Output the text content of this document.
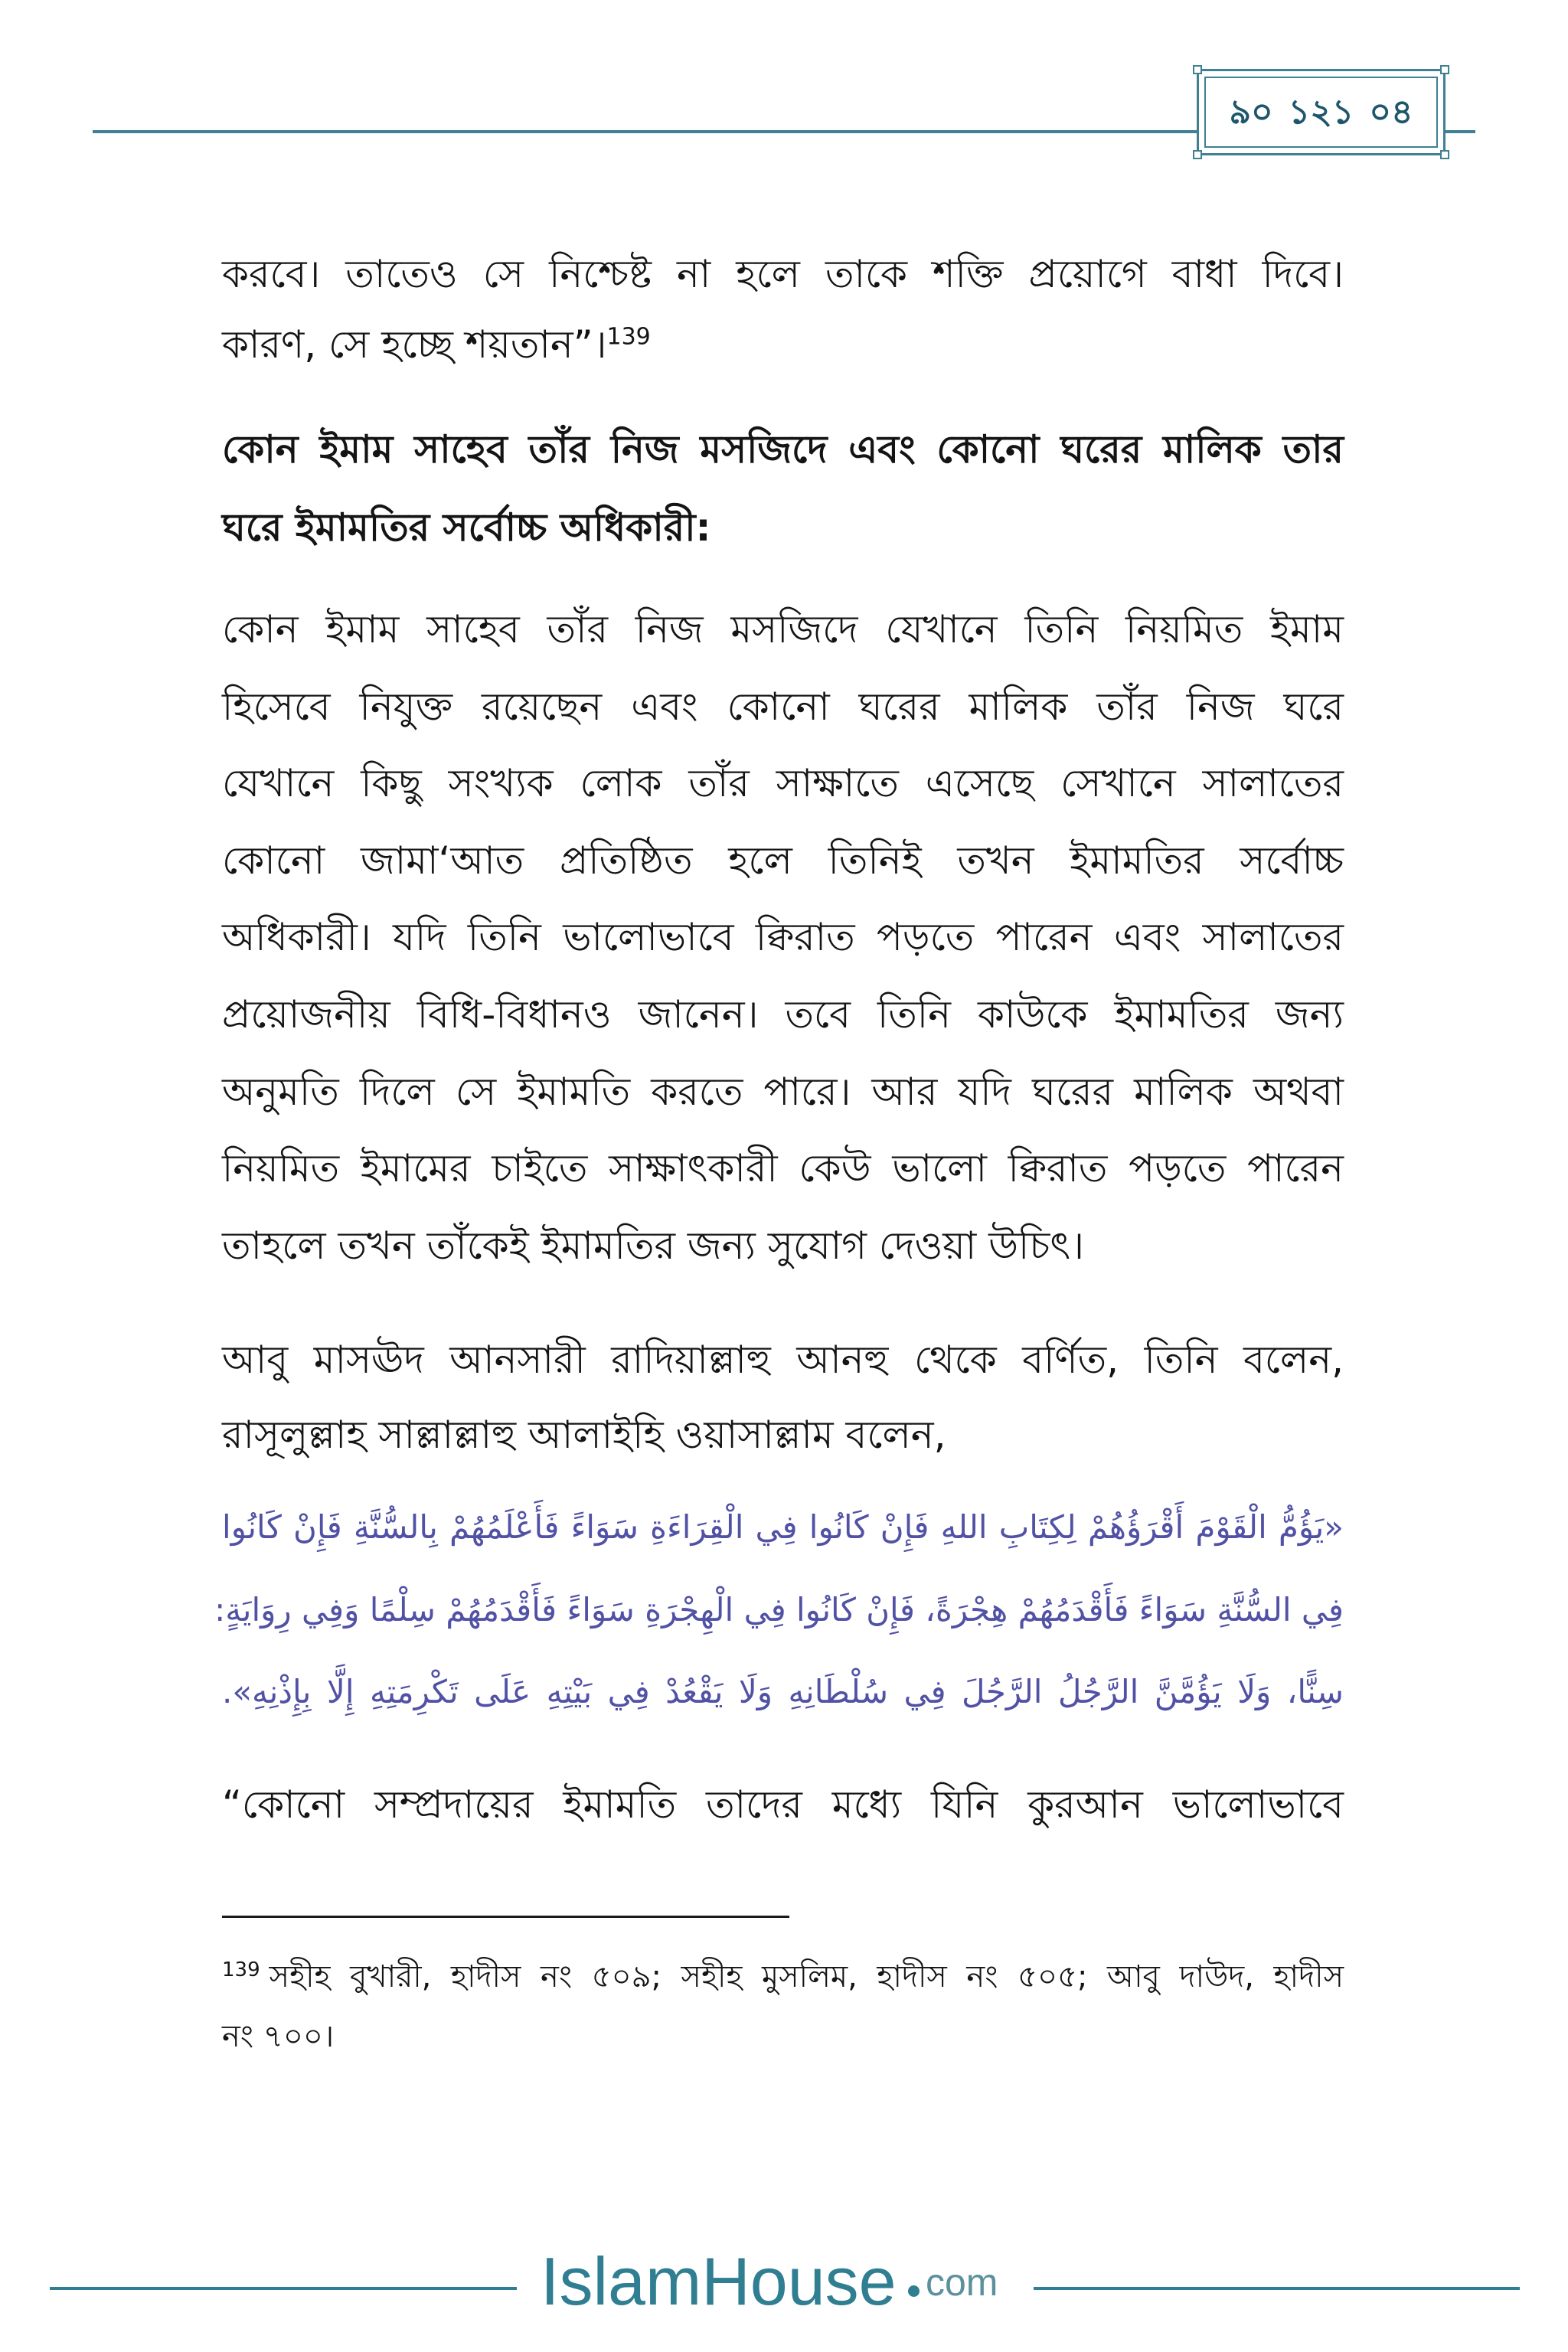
৯০ ১২১ ০৪
করবে। তাতেও সে নিশ্চেষ্ট না হলে তাকে শক্তি প্রয়োগে বাধা দিবে।
কারণ, সে হচ্ছে শয়তান”।$^{139}$
কোন ইমাম সাহেব তাঁর নিজ মসজিদে এবং কোনো ঘরের মালিক তার
ঘরে ইমামতির সর্বোচ্চ অধিকারী:
কোন ইমাম সাহেব তাঁর নিজ মসজিদে যেখানে তিনি নিয়মিত ইমাম
হিসেবে নিযুক্ত রয়েছেন এবং কোনো ঘরের মালিক তাঁর নিজ ঘরে
যেখানে কিছু সংখ্যক লোক তাঁর সাক্ষাতে এসেছে সেখানে সালাতের
কোনো জামা‘আত প্রতিষ্ঠিত হলে তিনিই তখন ইমামতির সর্বোচ্চ
অধিকারী। যদি তিনি ভালোভাবে ক্বিরাত পড়তে পারেন এবং সালাতের
প্রয়োজনীয় বিধি-বিধানও জানেন। তবে তিনি কাউকে ইমামতির জন্য
অনুমতি দিলে সে ইমামতি করতে পারে। আর যদি ঘরের মালিক অথবা
নিয়মিত ইমামের চাইতে সাক্ষাৎকারী কেউ ভালো ক্বিরাত পড়তে পারেন
তাহলে তখন তাঁকেই ইমামতির জন্য সুযোগ দেওয়া উচিৎ।
আবু মাসঊদ আনসারী রাদিয়াল্লাহু আনহু থেকে বর্ণিত, তিনি বলেন,
রাসূলুল্লাহ সাল্লাল্লাহু আলাইহি ওয়াসাল্লাম বলেন,
«يَؤُمُّ الْقَوْمَ أَقْرَؤُهُمْ لِكِتَابِ اللهِ فَإِنْ كَانُوا فِي الْقِرَاءَةِ سَوَاءً فَأَعْلَمُهُمْ بِالسُّنَّةِ فَإِنْ كَانُوا
فِي السُّنَّةِ سَوَاءً فَأَقْدَمُهُمْ هِجْرَةً، فَإِنْ كَانُوا فِي الْهِجْرَةِ سَوَاءً فَأَقْدَمُهُمْ سِلْمًا وَفِي رِوَايَةٍ:
سِنًّا، وَلَا يَؤُمَّنَّ الرَّجُلُ الرَّجُلَ فِي سُلْطَانِهِ وَلَا يَقْعُدْ فِي بَيْتِهِ عَلَى تَكْرِمَتِهِ إِلَّا بِإِذْنِهِ».
“কোনো সম্প্রদায়ের ইমামতি তাদের মধ্যে যিনি কুরআন ভালোভাবে
$^{139}$ সহীহ বুখারী, হাদীস নং ৫০৯; সহীহ মুসলিম, হাদীস নং ৫০৫; আবু দাউদ, হাদীস
নং ৭০০।
IslamHouse com
